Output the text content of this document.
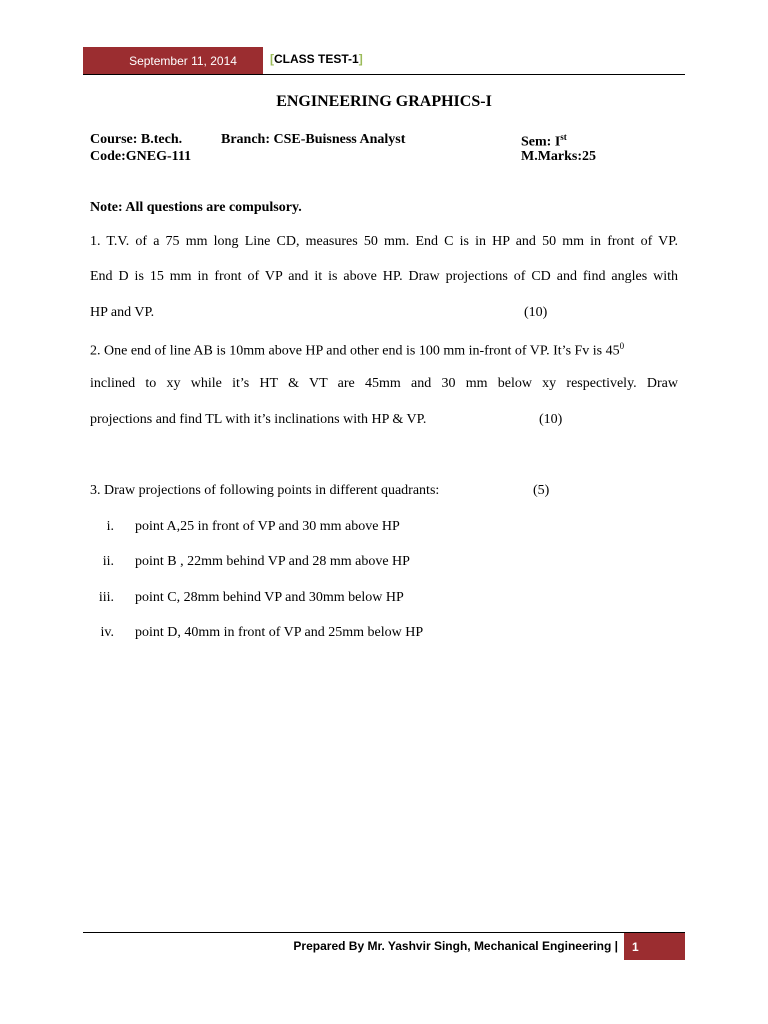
September 11, 2014	[CLASS TEST-1]
ENGINEERING GRAPHICS-I
Course: B.tech.	Branch: CSE-Buisness Analyst	Sem: Ist
Code:GNEG-111	M.Marks:25
Note: All questions are compulsory.
1. T.V. of a 75 mm long Line CD, measures 50 mm. End C is in HP and 50 mm in front of VP.
End D is 15 mm in front of VP and it is above HP. Draw projections of CD and find angles with
HP and VP.	(10)
2. One end of line AB is 10mm above HP and other end is 100 mm in-front of VP. It’s Fv is $45^0$
inclined to xy while it’s HT & VT are 45mm and 30 mm below xy respectively. Draw
projections and find TL with it’s inclinations with HP & VP.	(10)
3. Draw projections of following points in different quadrants:	(5)
i. point A,25 in front of VP and 30 mm above HP
ii. point B , 22mm behind VP and 28 mm above HP
iii. point C, 28mm behind VP and 30mm below HP
iv. point D, 40mm in front of VP and 25mm below HP
Prepared By Mr. Yashvir Singh, Mechanical Engineering |	1
